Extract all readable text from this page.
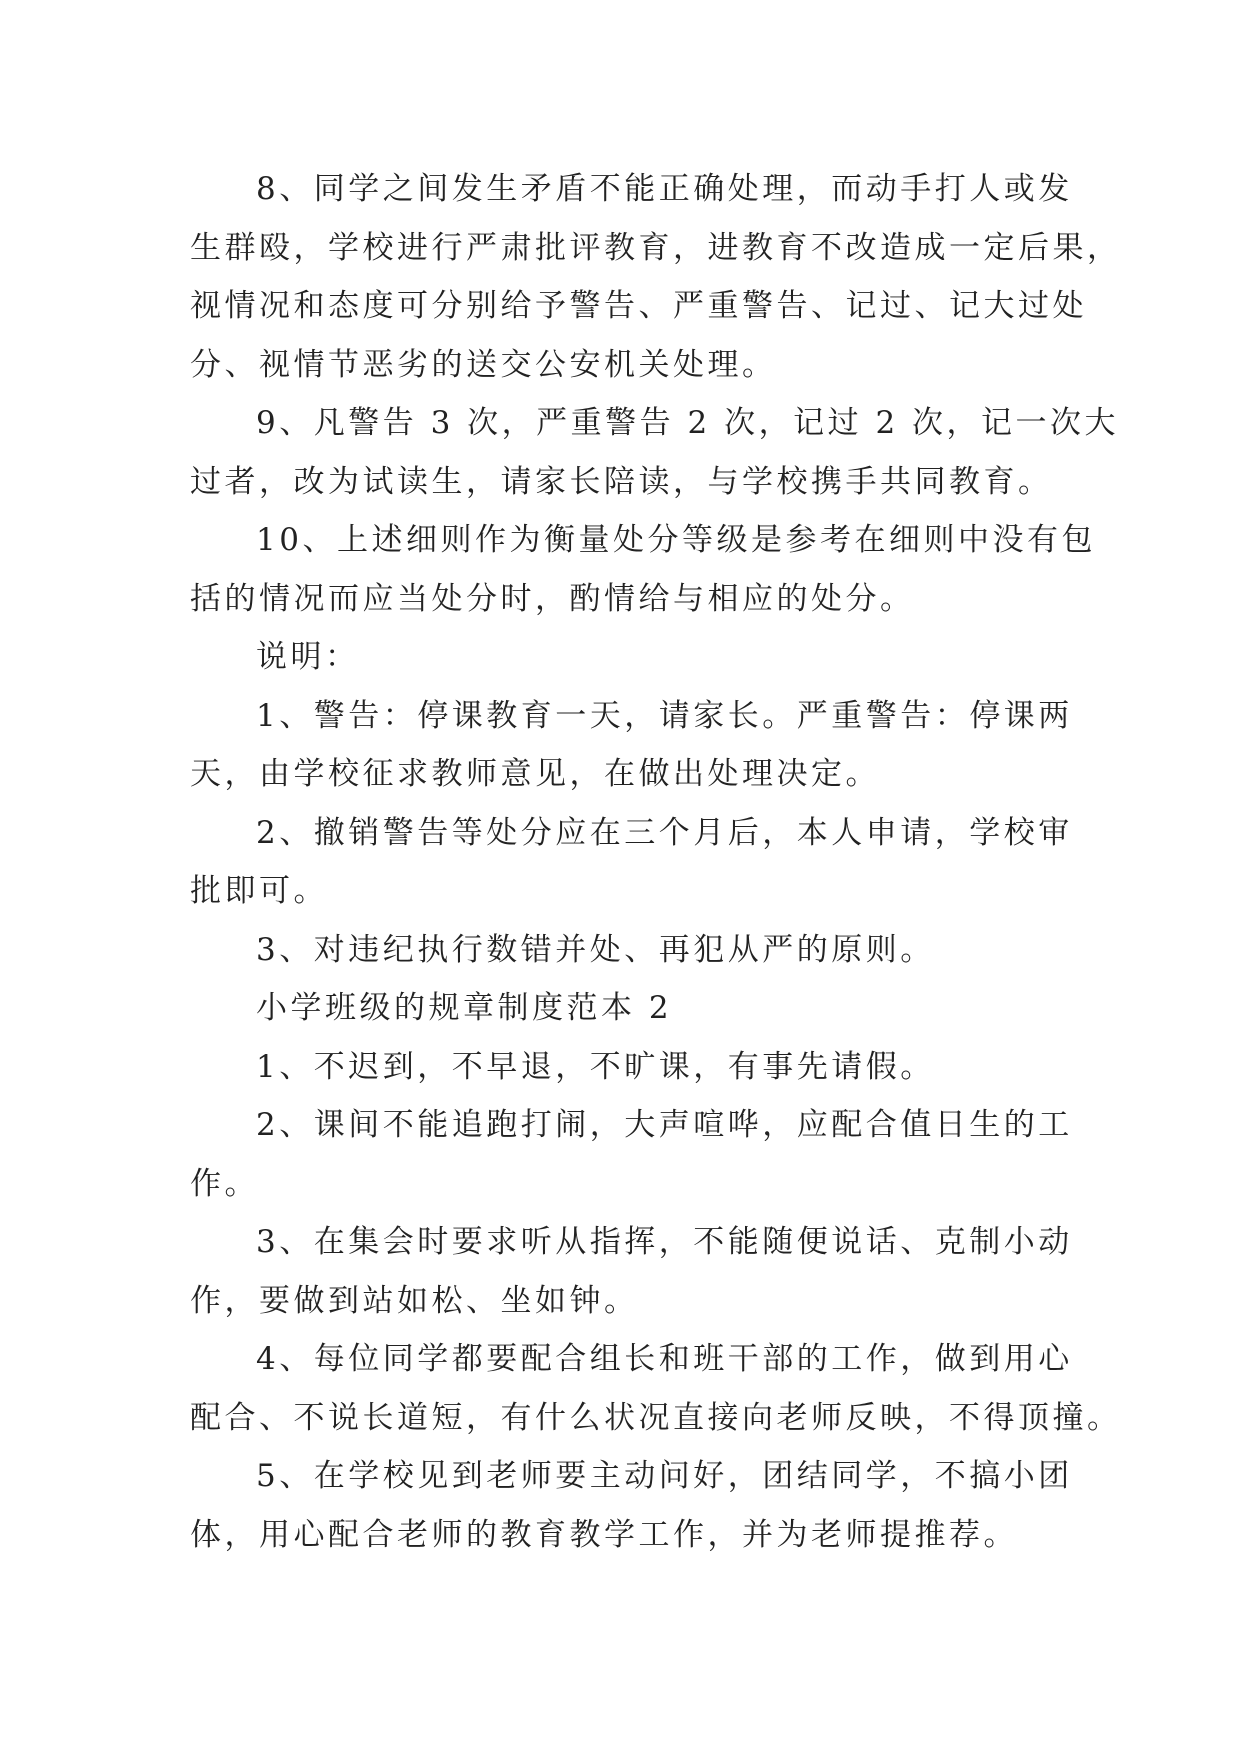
8、同学之间发生矛盾不能正确处理，而动手打人或发
生群殴，学校进行严肃批评教育，进教育不改造成一定后果，
视情况和态度可分别给予警告、严重警告、记过、记大过处
分、视情节恶劣的送交公安机关处理。

9、凡警告 3 次，严重警告 2 次，记过 2 次，记一次大
过者，改为试读生，请家长陪读，与学校携手共同教育。

10、上述细则作为衡量处分等级是参考在细则中没有包
括的情况而应当处分时，酌情给与相应的处分。

说明：

1、警告：停课教育一天，请家长。严重警告：停课两
天，由学校征求教师意见，在做出处理决定。

2、撤销警告等处分应在三个月后，本人申请，学校审
批即可。

3、对违纪执行数错并处、再犯从严的原则。

小学班级的规章制度范本 2

1、不迟到，不早退，不旷课，有事先请假。

2、课间不能追跑打闹，大声喧哗，应配合值日生的工
作。

3、在集会时要求听从指挥，不能随便说话、克制小动
作，要做到站如松、坐如钟。

4、每位同学都要配合组长和班干部的工作，做到用心
配合、不说长道短，有什么状况直接向老师反映，不得顶撞。

5、在学校见到老师要主动问好，团结同学，不搞小团
体，用心配合老师的教育教学工作，并为老师提推荐。
